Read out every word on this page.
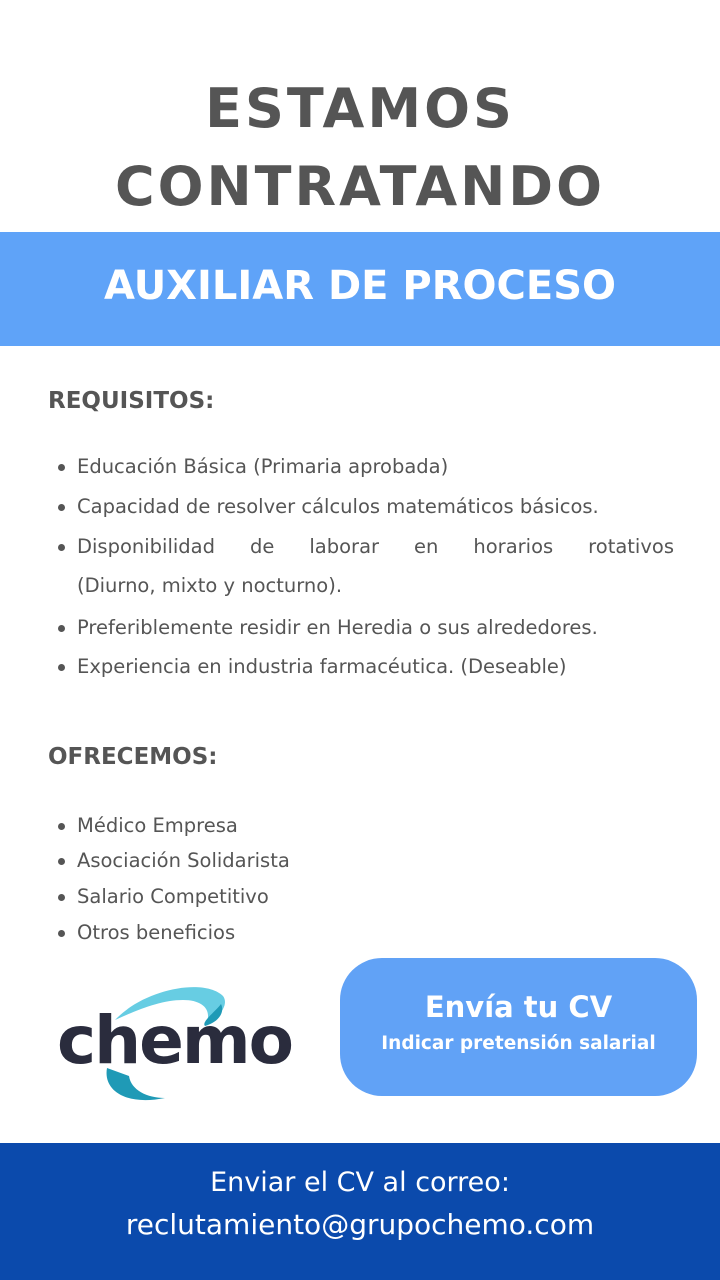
ESTAMOS
CONTRATANDO
AUXILIAR DE PROCESO
REQUISITOS:
Educación Básica (Primaria aprobada)
Capacidad de resolver cálculos matemáticos básicos.
Disponibilidad de laborar en horarios rotativos
(Diurno, mixto y nocturno).
Preferiblemente residir en Heredia o sus alrededores.
Experiencia en industria farmacéutica. (Deseable)
OFRECEMOS:
Médico Empresa
Asociación Solidarista
Salario Competitivo
Otros beneficios
chemo	Envía tu CV
Indicar pretensión salarial
Enviar el CV al correo:
reclutamiento@grupochemo.com
